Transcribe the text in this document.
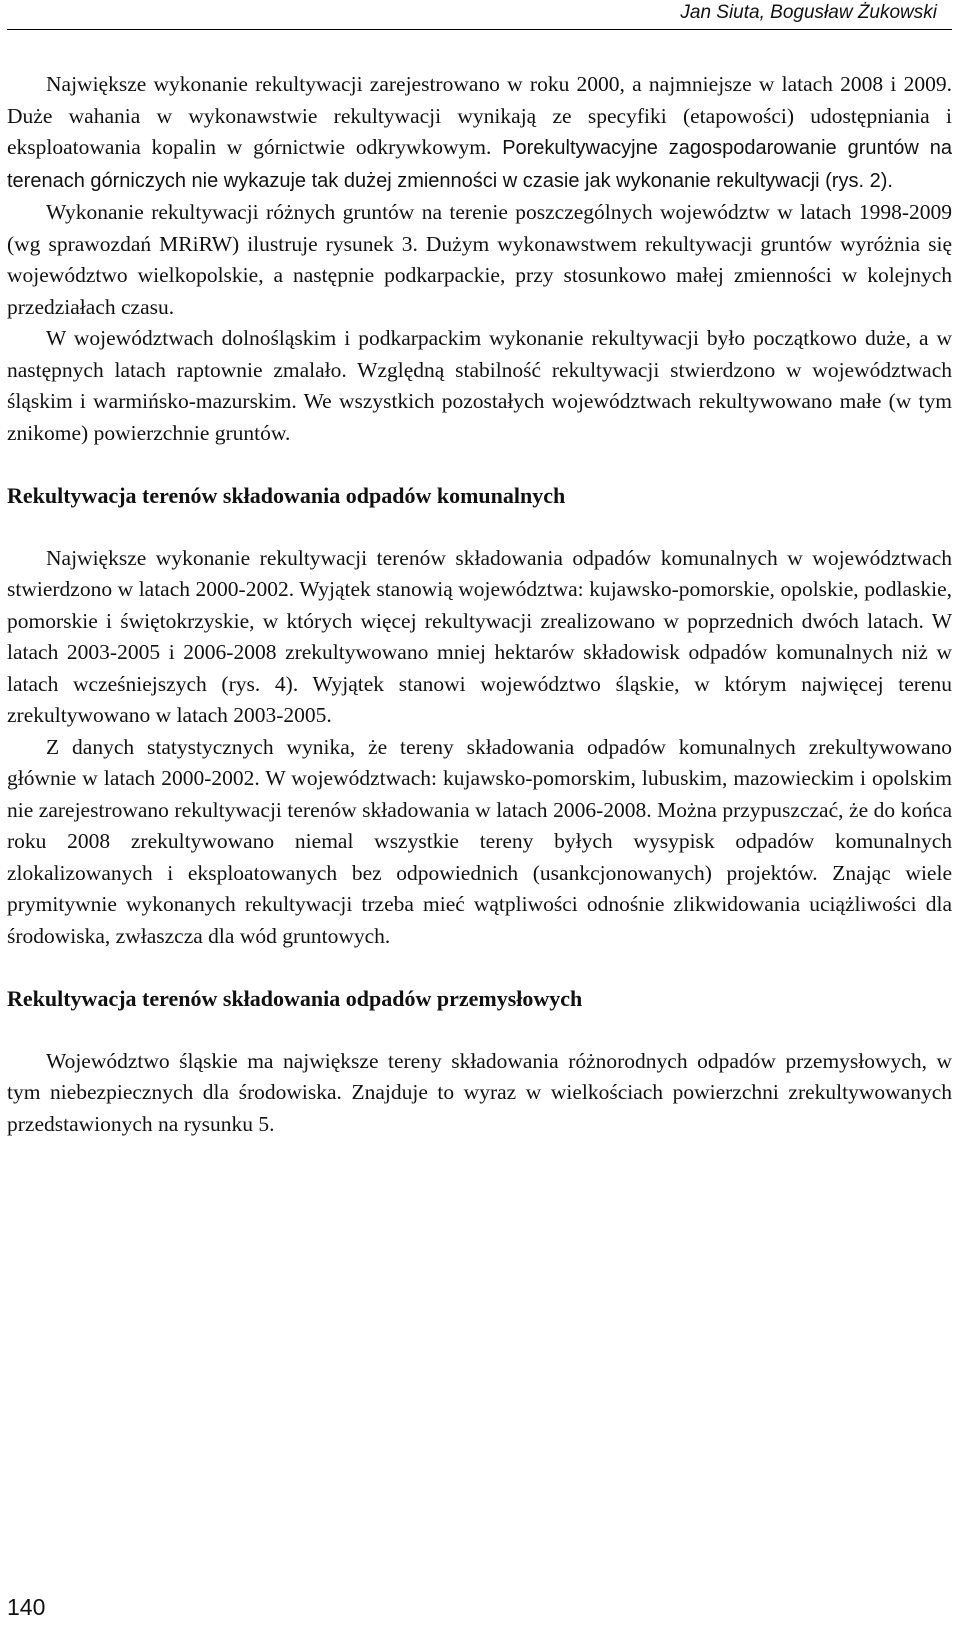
Jan Siuta, Bogusław Żukowski

Największe wykonanie rekultywacji zarejestrowano w roku 2000, a najmniejsze w latach 2008 i 2009. Duże wahania w wykonawstwie rekultywacji wynikają ze specyfiki (etapowości) udostępniania i eksploatowania kopalin w górnictwie odkrywkowym. Porekultywacyjne zagospodarowanie gruntów na terenach górniczych nie wykazuje tak dużej zmienności w czasie jak wykonanie rekultywacji (rys. 2).

Wykonanie rekultywacji różnych gruntów na terenie poszczególnych województw w latach 1998-2009 (wg sprawozdań MRiRW) ilustruje rysunek 3. Dużym wykonawstwem rekultywacji gruntów wyróżnia się województwo wielkopolskie, a następnie podkarpackie, przy stosunkowo małej zmienności w kolejnych przedziałach czasu.

W województwach dolnośląskim i podkarpackim wykonanie rekultywacji było początkowo duże, a w następnych latach raptownie zmalało. Względną stabilność rekultywacji stwierdzono w województwach śląskim i warmińsko-mazurskim. We wszystkich pozostałych województwach rekultywowano małe (w tym znikome) powierzchnie gruntów.

Rekultywacja terenów składowania odpadów komunalnych

Największe wykonanie rekultywacji terenów składowania odpadów komunalnych w województwach stwierdzono w latach 2000-2002. Wyjątek stanowią województwa: kujawsko-pomorskie, opolskie, podlaskie, pomorskie i świętokrzyskie, w których więcej rekultywacji zrealizowano w poprzednich dwóch latach. W latach 2003-2005 i 2006-2008 zrekultywowano mniej hektarów składowisk odpadów komunalnych niż w latach wcześniejszych (rys. 4). Wyjątek stanowi województwo śląskie, w którym najwięcej terenu zrekultywowano w latach 2003-2005.

Z danych statystycznych wynika, że tereny składowania odpadów komunalnych zrekultywowano głównie w latach 2000-2002. W województwach: kujawsko-pomorskim, lubuskim, mazowieckim i opolskim nie zarejestrowano rekultywacji terenów składowania w latach 2006-2008. Można przypuszczać, że do końca roku 2008 zrekultywowano niemal wszystkie tereny byłych wysypisk odpadów komunalnych zlokalizowanych i eksploatowanych bez odpowiednich (usankcjonowanych) projektów. Znając wiele prymitywnie wykonanych rekultywacji trzeba mieć wątpliwości odnośnie zlikwidowania uciążliwości dla środowiska, zwłaszcza dla wód gruntowych.

Rekultywacja terenów składowania odpadów przemysłowych

Województwo śląskie ma największe tereny składowania różnorodnych odpadów przemysłowych, w tym niebezpiecznych dla środowiska. Znajduje to wyraz w wielkościach powierzchni zrekultywowanych przedstawionych na rysunku 5.

140
